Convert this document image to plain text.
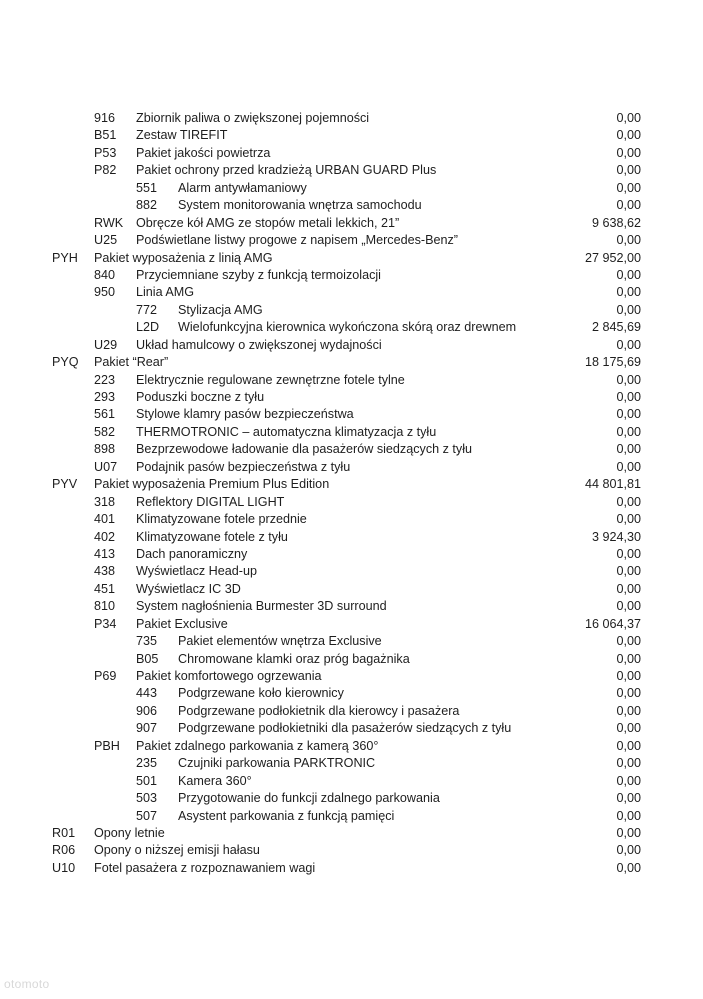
916 Zbiornik paliwa o zwiększonej pojemności	0,00
B51 Zestaw TIREFIT	0,00
P53 Pakiet jakości powietrza	0,00
P82 Pakiet ochrony przed kradzieżą URBAN GUARD Plus	0,00
551 Alarm antywłamaniowy	0,00
882 System monitorowania wnętrza samochodu	0,00
RWK Obręcze kół AMG ze stopów metali lekkich, 21”	9 638,62
U25 Podświetlane listwy progowe z napisem „Mercedes-Benz”	0,00
PYH Pakiet wyposażenia z linią AMG	27 952,00
840 Przyciemniane szyby z funkcją termoizolacji	0,00
950 Linia AMG	0,00
772 Stylizacja AMG	0,00
L2D Wielofunkcyjna kierownica wykończona skórą oraz drewnem	2 845,69
U29 Układ hamulcowy o zwiększonej wydajności	0,00
PYQ Pakiet “Rear”	18 175,69
223 Elektrycznie regulowane zewnętrzne fotele tylne	0,00
293 Poduszki boczne z tyłu	0,00
561 Stylowe klamry pasów bezpieczeństwa	0,00
582 THERMOTRONIC – automatyczna klimatyzacja z tyłu	0,00
898 Bezprzewodowe ładowanie dla pasażerów siedzących z tyłu	0,00
U07 Podajnik pasów bezpieczeństwa z tyłu	0,00
PYV Pakiet wyposażenia Premium Plus Edition	44 801,81
318 Reflektory DIGITAL LIGHT	0,00
401 Klimatyzowane fotele przednie	0,00
402 Klimatyzowane fotele z tyłu	3 924,30
413 Dach panoramiczny	0,00
438 Wyświetlacz Head-up	0,00
451 Wyświetlacz IC 3D	0,00
810 System nagłośnienia Burmester 3D surround	0,00
P34 Pakiet Exclusive	16 064,37
735 Pakiet elementów wnętrza Exclusive	0,00
B05 Chromowane klamki oraz próg bagażnika	0,00
P69 Pakiet komfortowego ogrzewania	0,00
443 Podgrzewane koło kierownicy	0,00
906 Podgrzewane podłokietnik dla kierowcy i pasażera	0,00
907 Podgrzewane podłokietniki dla pasażerów siedzących z tyłu	0,00
PBH Pakiet zdalnego parkowania z kamerą 360°	0,00
235 Czujniki parkowania PARKTRONIC	0,00
501 Kamera 360°	0,00
503 Przygotowanie do funkcji zdalnego parkowania	0,00
507 Asystent parkowania z funkcją pamięci	0,00
R01 Opony letnie	0,00
R06 Opony o niższej emisji hałasu	0,00
U10 Fotel pasażera z rozpoznawaniem wagi	0,00
otomoto
